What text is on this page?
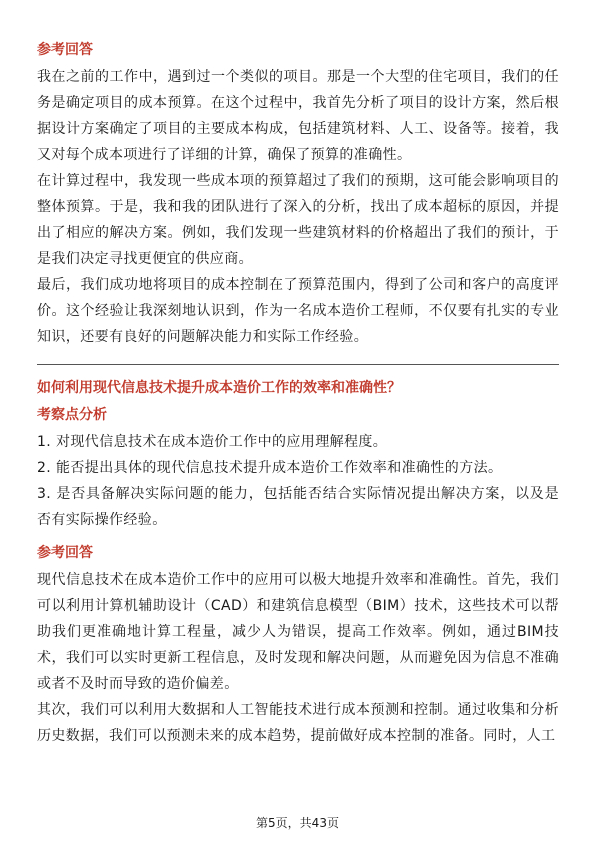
参考回答

我在之前的工作中，遇到过一个类似的项目。那是一个大型的住宅项目，我们的任务是确定项目的成本预算。在这个过程中，我首先分析了项目的设计方案，然后根据设计方案确定了项目的主要成本构成，包括建筑材料、人工、设备等。接着，我又对每个成本项进行了详细的计算，确保了预算的准确性。

在计算过程中，我发现一些成本项的预算超过了我们的预期，这可能会影响项目的整体预算。于是，我和我的团队进行了深入的分析，找出了成本超标的原因，并提出了相应的解决方案。例如，我们发现一些建筑材料的价格超出了我们的预计，于是我们决定寻找更便宜的供应商。

最后，我们成功地将项目的成本控制在了预算范围内，得到了公司和客户的高度评价。这个经验让我深刻地认识到，作为一名成本造价工程师，不仅要有扎实的专业知识，还要有良好的问题解决能力和实际工作经验。

如何利用现代信息技术提升成本造价工作的效率和准确性？
考察点分析

1. 对现代信息技术在成本造价工作中的应用理解程度。

2. 能否提出具体的现代信息技术提升成本造价工作效率和准确性的方法。

3. 是否具备解决实际问题的能力，包括能否结合实际情况提出解决方案，以及是否有实际操作经验。

参考回答

现代信息技术在成本造价工作中的应用可以极大地提升效率和准确性。首先，我们可以利用计算机辅助设计（CAD）和建筑信息模型（BIM）技术，这些技术可以帮助我们更准确地计算工程量，减少人为错误，提高工作效率。例如，通过BIM技术，我们可以实时更新工程信息，及时发现和解决问题，从而避免因为信息不准确或者不及时而导致的造价偏差。

其次，我们可以利用大数据和人工智能技术进行成本预测和控制。通过收集和分析历史数据，我们可以预测未来的成本趋势，提前做好成本控制的准备。同时，人工

第5页，共43页
